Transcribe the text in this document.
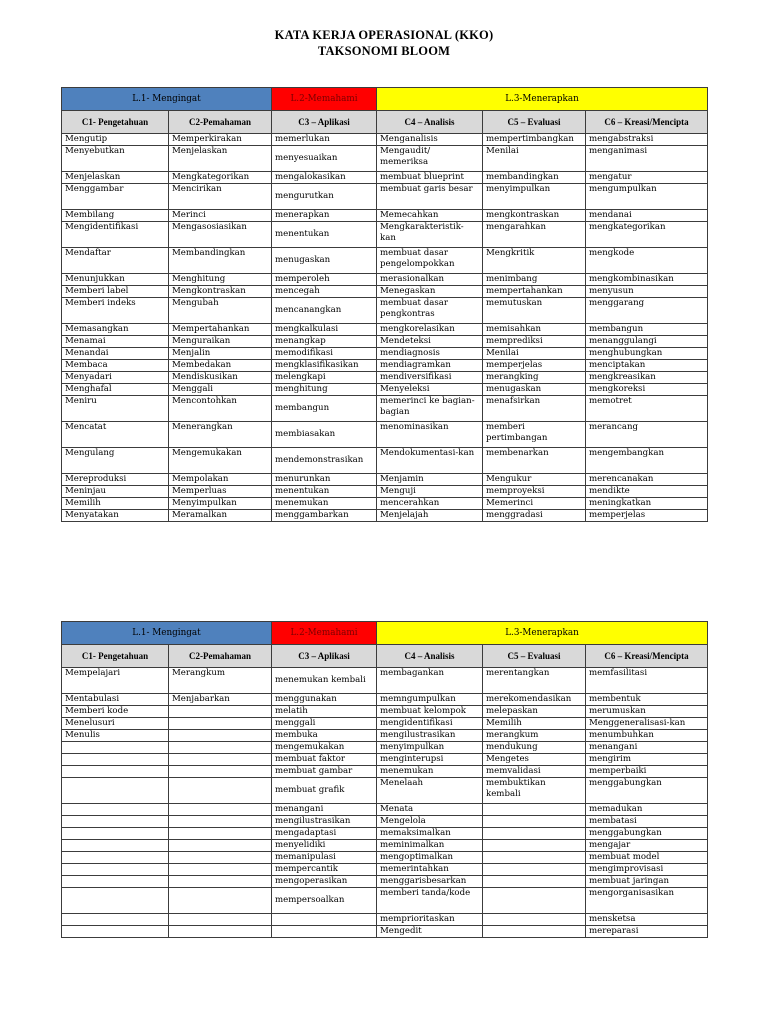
KATA KERJA OPERASIONAL (KKO)
TAKSONOMI BLOOM
L.1- Mengingat		L.2-Memahami	L.3-Menerapkan		
C1- Pengetahuan	C2-Pemahaman	C3 – Aplikasi	C4 – Analisis	C5 – Evaluasi	C6 – Kreasi/Mencipta
Mengutip	Memperkirakan	memerlukan	Menganalisis	mempertimbangkan	mengabstraksi
Menyebutkan	Menjelaskan	menyesuaikan	Mengaudit/ memeriksa	Menilai	menganimasi
Menjelaskan	Mengkategorikan	mengalokasikan	membuat blueprint	membandingkan	mengatur
Menggambar	Mencirikan	mengurutkan	membuat garis besar	menyimpulkan	mengumpulkan
Membilang	Merinci	menerapkan	Memecahkan	mengkontraskan	mendanai
Mengidentifikasi	Mengasosiasikan	menentukan	Mengkarakteristik-kan	mengarahkan	mengkategorikan
Mendaftar	Membandingkan	menugaskan	membuat dasar pengelompokkan	Mengkritik	mengkode
Menunjukkan	Menghitung	memperoleh	merasionalkan	menimbang	mengkombinasikan
Memberi label	Mengkontraskan	mencegah	Menegaskan	mempertahankan	menyusun
Memberi indeks	Mengubah	mencanangkan	membuat dasar pengkontras	memutuskan	menggarang
Memasangkan	Mempertahankan	mengkalkulasi	mengkorelasikan	memisahkan	membangun
Menamai	Menguraikan	menangkap	Mendeteksi	memprediksi	menanggulangi
Menandai	Menjalin	memodifikasi	mendiagnosis	Menilai	menghubungkan
Membaca	Membedakan	mengklasifikasikan	mendiagramkan	memperjelas	menciptakan
Menyadari	Mendiskusikan	melengkapi	mendiversifikasi	merangking	mengkreasikan
Menghafal	Menggali	menghitung	Menyeleksi	menugaskan	mengkoreksi
Meniru	Mencontohkan	membangun	memerinci ke bagian-bagian	menafsirkan	memotret
Mencatat	Menerangkan	membiasakan	menominasikan	memberi pertimbangan	merancang
Mengulang	Mengemukakan	mendemonstrasikan	Mendokumentasi-kan	membenarkan	mengembangkan
Mereproduksi	Mempolakan	menurunkan	Menjamin	Mengukur	merencanakan
Meninjau	Memperluas	menentukan	Menguji	memproyeksi	mendikte
Memilih	Menyimpulkan	menemukan	mencerahkan	Memerinci	meningkatkan
Menyatakan	Meramalkan	menggambarkan	Menjelajah	menggradasi	memperjelas
L.1- Mengingat		L.2-Memahami	L.3-Menerapkan		
C1- Pengetahuan	C2-Pemahaman	C3 – Aplikasi	C4 – Analisis	C5 – Evaluasi	C6 – Kreasi/Mencipta
Mempelajari	Merangkum	menemukan kembali	membagankan	merentangkan	memfasilitasi
Mentabulasi	Menjabarkan	menggunakan	memngumpulkan	merekomendasikan	membentuk
Memberi kode		melatih	membuat kelompok	melepaskan	merumuskan
Menelusuri		menggali	mengidentifikasi	Memilih	Menggeneralisasi-kan
Menulis		membuka	mengilustrasikan	merangkum	menumbuhkan
		mengemukakan	menyimpulkan	mendukung	menangani
		membuat faktor	menginterupsi	Mengetes	mengirim
		membuat gambar	menemukan	memvalidasi	memperbaiki
		membuat grafik	Menelaah	membuktikan kembali	menggabungkan
		menangani	Menata		memadukan
		mengilustrasikan	Mengelola		membatasi
		mengadaptasi	memaksimalkan		menggabungkan
		menyelidiki	meminimalkan		mengajar
		memanipulasi	mengoptimalkan		membuat model
		mempercantik	memerintahkan		mengimprovisasi
		mengoperasikan	menggarisbesarkan		membuat jaringan
		mempersoalkan	memberi tanda/kode		mengorganisasikan
			memprioritaskan		mensketsa
			Mengedit		mereparasi
